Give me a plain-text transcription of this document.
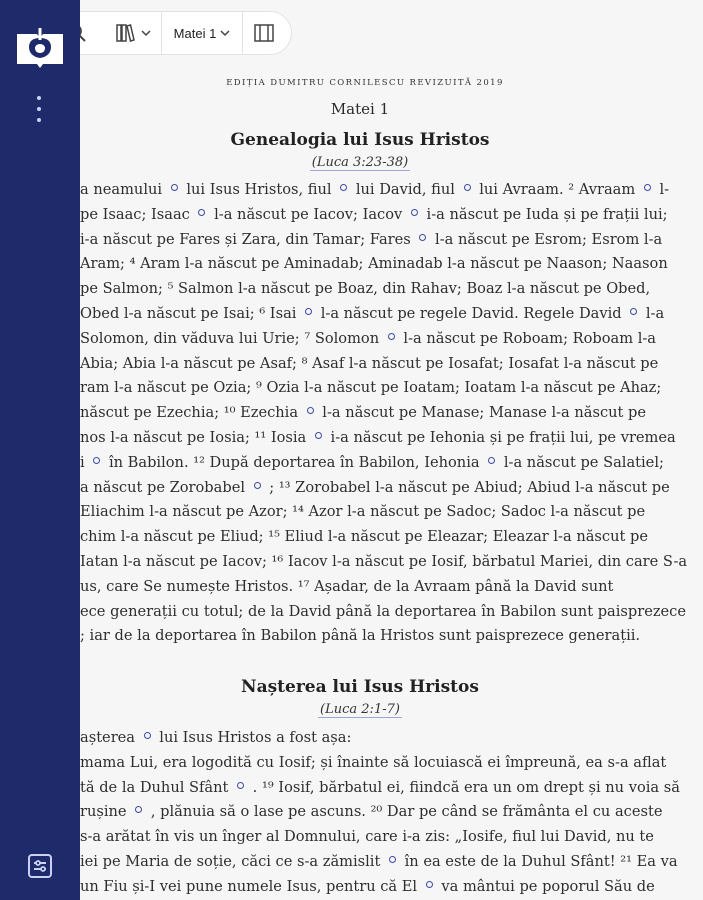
Matei 1
EDIȚIA DUMITRU CORNILESCU REVIZUITĂ 2019
Matei 1
Genealogia lui Isus Hristos
(Luca 3:23-38)
a neamului  lui Isus Hristos, fiul  lui David, fiul  lui Avraam. ² Avraam  l-
pe Isaac; Isaac  l-a născut pe Iacov; Iacov  i-a născut pe Iuda și pe frații lui;
i-a născut pe Fares și Zara, din Tamar; Fares  l-a născut pe Esrom; Esrom l-a
Aram; ⁴ Aram l-a născut pe Aminadab; Aminadab l-a născut pe Naason; Naason
pe Salmon; ⁵ Salmon l-a născut pe Boaz, din Rahav; Boaz l-a născut pe Obed,
Obed l-a născut pe Isai; ⁶ Isai  l-a născut pe regele David. Regele David  l-a
Solomon, din văduva lui Urie; ⁷ Solomon  l-a născut pe Roboam; Roboam l-a
Abia; Abia l-a născut pe Asaf; ⁸ Asaf l-a născut pe Iosafat; Iosafat l-a născut pe
ram l-a născut pe Ozia; ⁹ Ozia l-a născut pe Ioatam; Ioatam l-a născut pe Ahaz;
născut pe Ezechia; ¹⁰ Ezechia  l-a născut pe Manase; Manase l-a născut pe
nos l-a născut pe Iosia; ¹¹ Iosia  i-a născut pe Iehonia și pe frații lui, pe vremea
i  în Babilon. ¹² După deportarea în Babilon, Iehonia  l-a născut pe Salatiel;
a născut pe Zorobabel  ; ¹³ Zorobabel l-a născut pe Abiud; Abiud l-a născut pe
Eliachim l-a născut pe Azor; ¹⁴ Azor l-a născut pe Sadoc; Sadoc l-a născut pe
chim l-a născut pe Eliud; ¹⁵ Eliud l-a născut pe Eleazar; Eleazar l-a născut pe
Iatan l-a născut pe Iacov; ¹⁶ Iacov l-a născut pe Iosif, bărbatul Mariei, din care S-a
us, care Se numește Hristos. ¹⁷ Așadar, de la Avraam până la David sunt
ece generații cu totul; de la David până la deportarea în Babilon sunt paisprezece
; iar de la deportarea în Babilon până la Hristos sunt paisprezece generații.
Nașterea lui Isus Hristos
(Luca 2:1-7)
așterea  lui Isus Hristos a fost așa:
mama Lui, era logodită cu Iosif; și înainte să locuiască ei împreună, ea s-a aflat
tă de la Duhul Sfânt  . ¹⁹ Iosif, bărbatul ei, fiindcă era un om drept și nu voia să
rușine  , plănuia să o lase pe ascuns. ²⁰ Dar pe când se frământa el cu aceste
s-a arătat în vis un înger al Domnului, care i-a zis: „Iosife, fiul lui David, nu te
iei pe Maria de soție, căci ce s-a zămislit  în ea este de la Duhul Sfânt! ²¹ Ea va
un Fiu și-I vei pune numele Isus, pentru că El  va mântui pe poporul Său de
